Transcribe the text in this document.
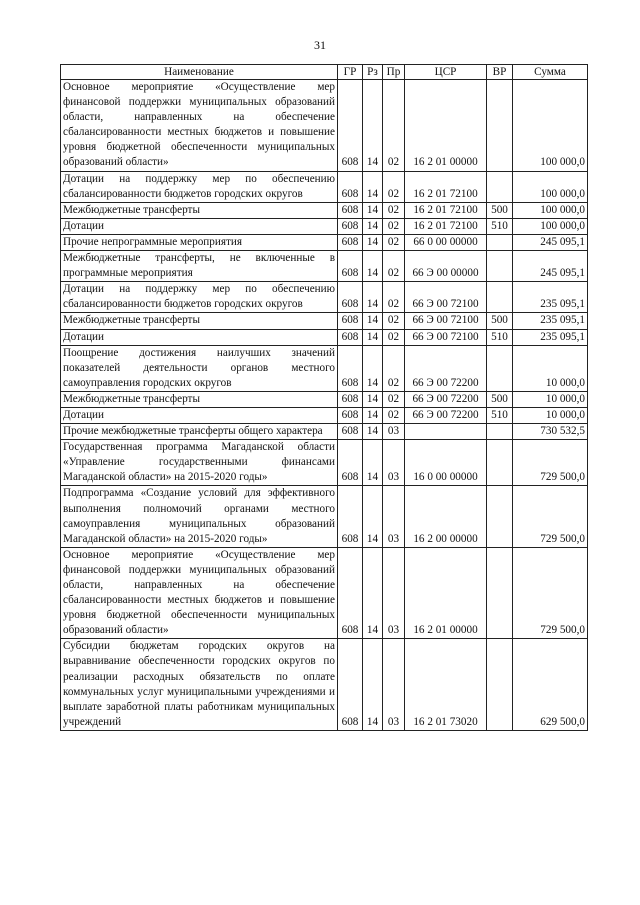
31
Наименование	ГР	Рз	Пр	ЦСР	ВР	Сумма
Основное мероприятие «Осуществление мер финансовой поддержки муниципальных образований области, направленных на обеспечение сбалансированности местных бюджетов и повышение уровня бюджетной обеспеченности муниципальных образований области»	608	14	02	16 2 01 00000		100 000,0
Дотации на поддержку мер по обеспечению сбалансированности бюджетов городских округов	608	14	02	16 2 01 72100		100 000,0
Межбюджетные трансферты	608	14	02	16 2 01 72100	500	100 000,0
Дотации	608	14	02	16 2 01 72100	510	100 000,0
Прочие непрограммные мероприятия	608	14	02	66 0 00 00000		245 095,1
Межбюджетные трансферты, не включенные в программные мероприятия	608	14	02	66 Э 00 00000		245 095,1
Дотации на поддержку мер по обеспечению сбалансированности бюджетов городских округов	608	14	02	66 Э 00 72100		235 095,1
Межбюджетные трансферты	608	14	02	66 Э 00 72100	500	235 095,1
Дотации	608	14	02	66 Э 00 72100	510	235 095,1
Поощрение достижения наилучших значений показателей деятельности органов местного самоуправления городских округов	608	14	02	66 Э 00 72200		10 000,0
Межбюджетные трансферты	608	14	02	66 Э 00 72200	500	10 000,0
Дотации	608	14	02	66 Э 00 72200	510	10 000,0
Прочие межбюджетные трансферты общего характера	608	14	03			730 532,5
Государственная программа Магаданской области «Управление государственными финансами Магаданской области» на 2015-2020 годы»	608	14	03	16 0 00 00000		729 500,0
Подпрограмма «Создание условий для эффективного выполнения полномочий органами местного самоуправления муниципальных образований Магаданской области» на 2015-2020 годы»	608	14	03	16 2 00 00000		729 500,0
Основное мероприятие «Осуществление мер финансовой поддержки муниципальных образований области, направленных на обеспечение сбалансированности местных бюджетов и повышение уровня бюджетной обеспеченности муниципальных образований области»	608	14	03	16 2 01 00000		729 500,0
Субсидии бюджетам городских округов на выравнивание обеспеченности городских округов по реализации расходных обязательств по оплате коммунальных услуг муниципальными учреждениями и выплате заработной платы работникам муниципальных учреждений	608	14	03	16 2 01 73020		629 500,0
